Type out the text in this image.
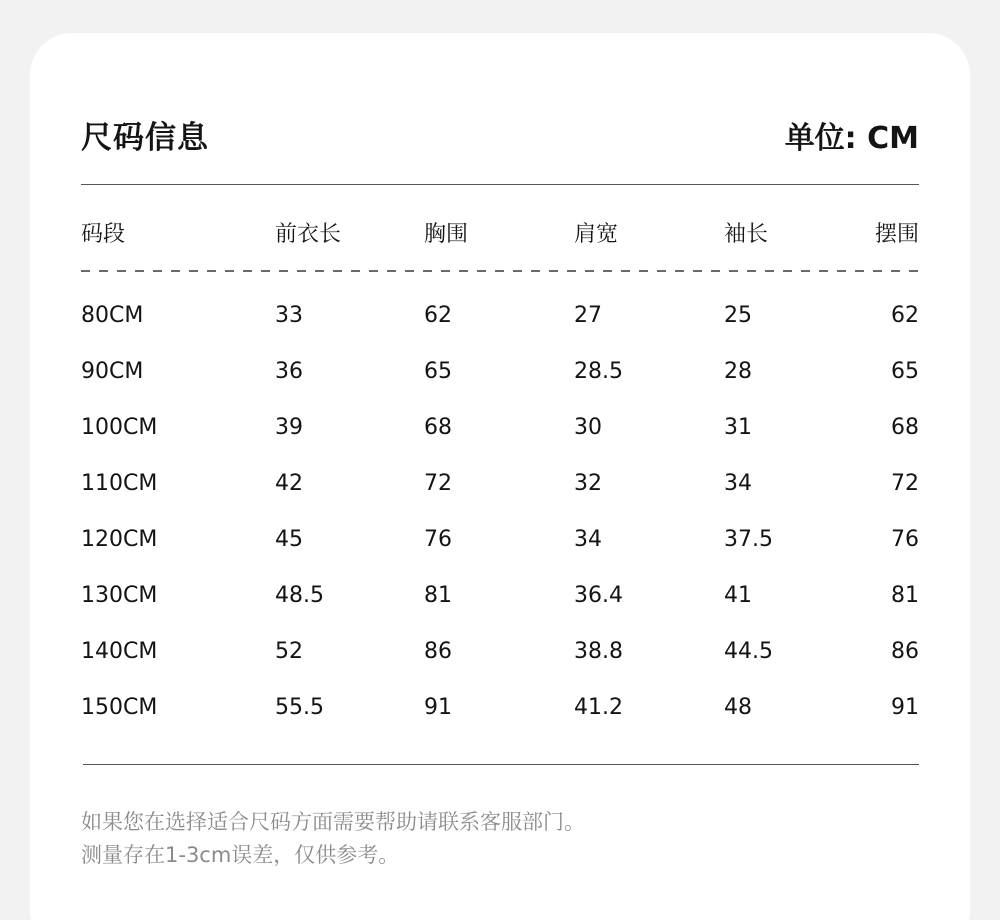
尺码信息	单位: CM
码段	前衣长	胸围	肩宽	袖长	摆围
80CM	33	62	27	25	62
90CM	36	65	28.5	28	65
100CM	39	68	30	31	68
110CM	42	72	32	34	72
120CM	45	76	34	37.5	76
130CM	48.5	81	36.4	41	81
140CM	52	86	38.8	44.5	86
150CM	55.5	91	41.2	48	91
如果您在选择适合尺码方面需要帮助请联系客服部门。
测量存在1-3cm误差，仅供参考。
